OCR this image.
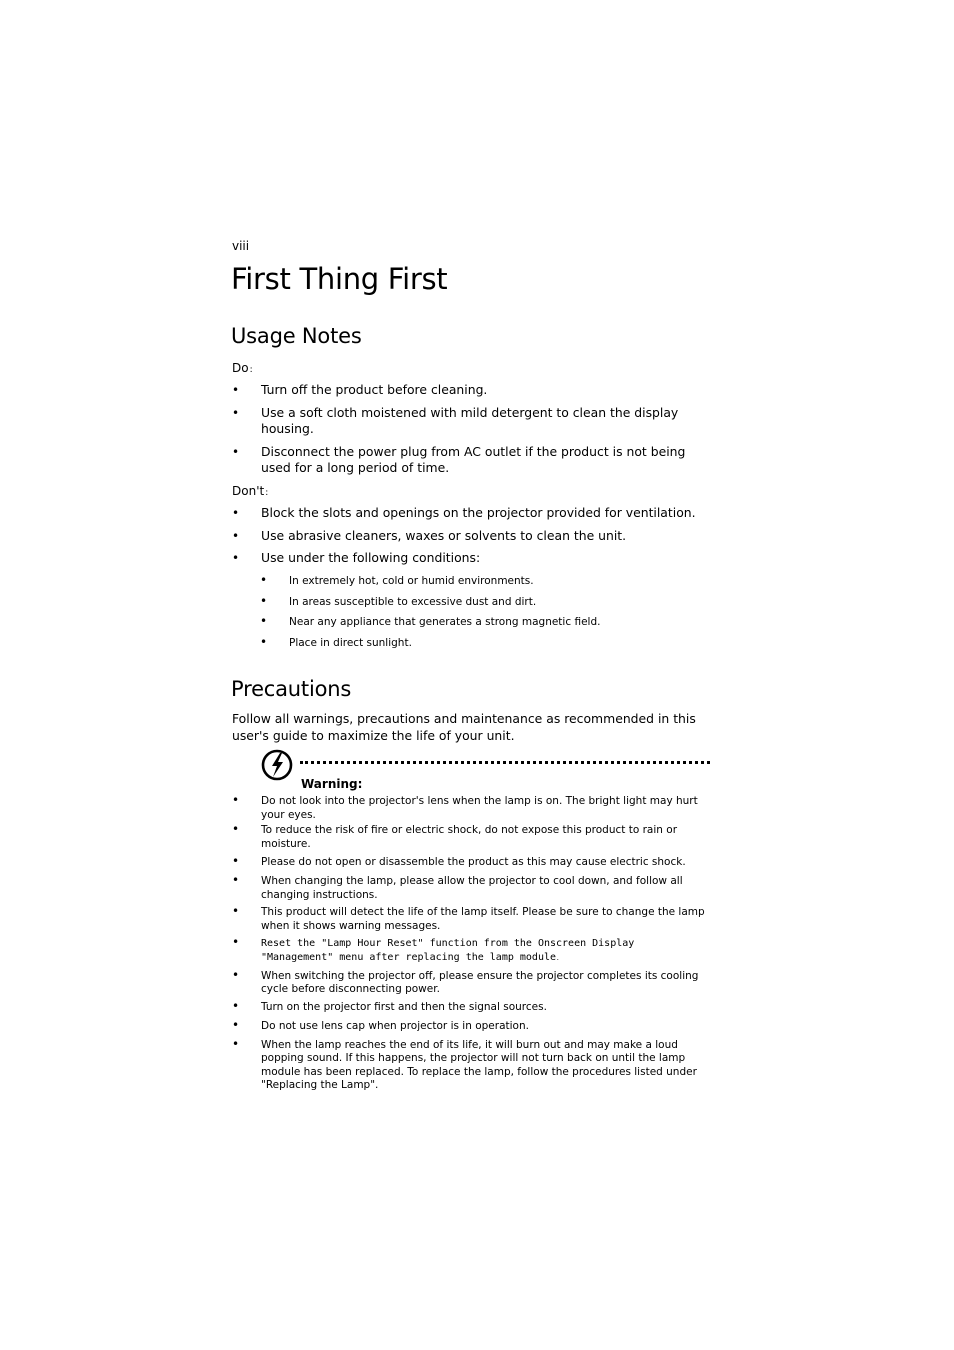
viii
First Thing First
Usage Notes
Do:
• Turn off the product before cleaning.
• Use a soft cloth moistened with mild detergent to clean the display housing.
• Disconnect the power plug from AC outlet if the product is not being used for a long period of time.
Don't:
• Block the slots and openings on the projector provided for ventilation.
• Use abrasive cleaners, waxes or solvents to clean the unit.
• Use under the following conditions:
• In extremely hot, cold or humid environments.
• In areas susceptible to excessive dust and dirt.
• Near any appliance that generates a strong magnetic field.
• Place in direct sunlight.
Precautions
Follow all warnings, precautions and maintenance as recommended in this user's guide to maximize the life of your unit.
Warning:
• Do not look into the projector's lens when the lamp is on. The bright light may hurt your eyes.
• To reduce the risk of fire or electric shock, do not expose this product to rain or moisture.
• Please do not open or disassemble the product as this may cause electric shock.
• When changing the lamp, please allow the projector to cool down, and follow all changing instructions.
• This product will detect the life of the lamp itself. Please be sure to change the lamp when it shows warning messages.
• Reset the "Lamp Hour Reset" function from the Onscreen Display "Management" menu after replacing the lamp module.
• When switching the projector off, please ensure the projector completes its cooling cycle before disconnecting power.
• Turn on the projector first and then the signal sources.
• Do not use lens cap when projector is in operation.
• When the lamp reaches the end of its life, it will burn out and may make a loud popping sound. If this happens, the projector will not turn back on until the lamp module has been replaced. To replace the lamp, follow the procedures listed under "Replacing the Lamp".
